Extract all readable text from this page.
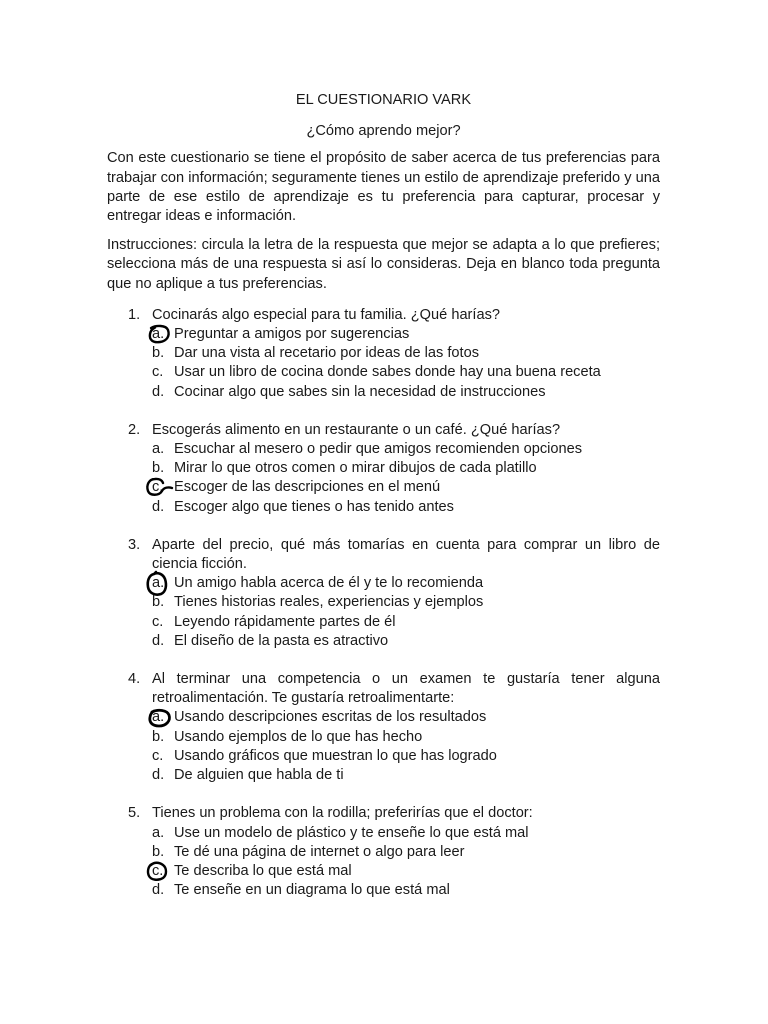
EL CUESTIONARIO VARK
¿Cómo aprendo mejor?

Con este cuestionario se tiene el propósito de saber acerca de tus preferencias para trabajar con información; seguramente tienes un estilo de aprendizaje preferido y una parte de ese estilo de aprendizaje es tu preferencia para capturar, procesar y entregar ideas e información.

Instrucciones: circula la letra de la respuesta que mejor se adapta a lo que prefieres; selecciona más de una respuesta si así lo consideras. Deja en blanco toda pregunta que no aplique a tus preferencias.

1. Cocinarás algo especial para tu familia. ¿Qué harías?
a. Preguntar a amigos por sugerencias
b. Dar una vista al recetario por ideas de las fotos
c. Usar un libro de cocina donde sabes donde hay una buena receta
d. Cocinar algo que sabes sin la necesidad de instrucciones
2. Escogerás alimento en un restaurante o un café. ¿Qué harías?
a. Escuchar al mesero o pedir que amigos recomienden opciones
b. Mirar lo que otros comen o mirar dibujos de cada platillo
c. Escoger de las descripciones en el menú
d. Escoger algo que tienes o has tenido antes
3. Aparte del precio, qué más tomarías en cuenta para comprar un libro de ciencia ficción.
a. Un amigo habla acerca de él y te lo recomienda
b. Tienes historias reales, experiencias y ejemplos
c. Leyendo rápidamente partes de él
d. El diseño de la pasta es atractivo
4. Al terminar una competencia o un examen te gustaría tener alguna retroalimentación. Te gustaría retroalimentarte:
a. Usando descripciones escritas de los resultados
b. Usando ejemplos de lo que has hecho
c. Usando gráficos que muestran lo que has logrado
d. De alguien que habla de ti
5. Tienes un problema con la rodilla; preferirías que el doctor:
a. Use un modelo de plástico y te enseñe lo que está mal
b. Te dé una página de internet o algo para leer
c. Te describa lo que está mal
d. Te enseñe en un diagrama lo que está mal
